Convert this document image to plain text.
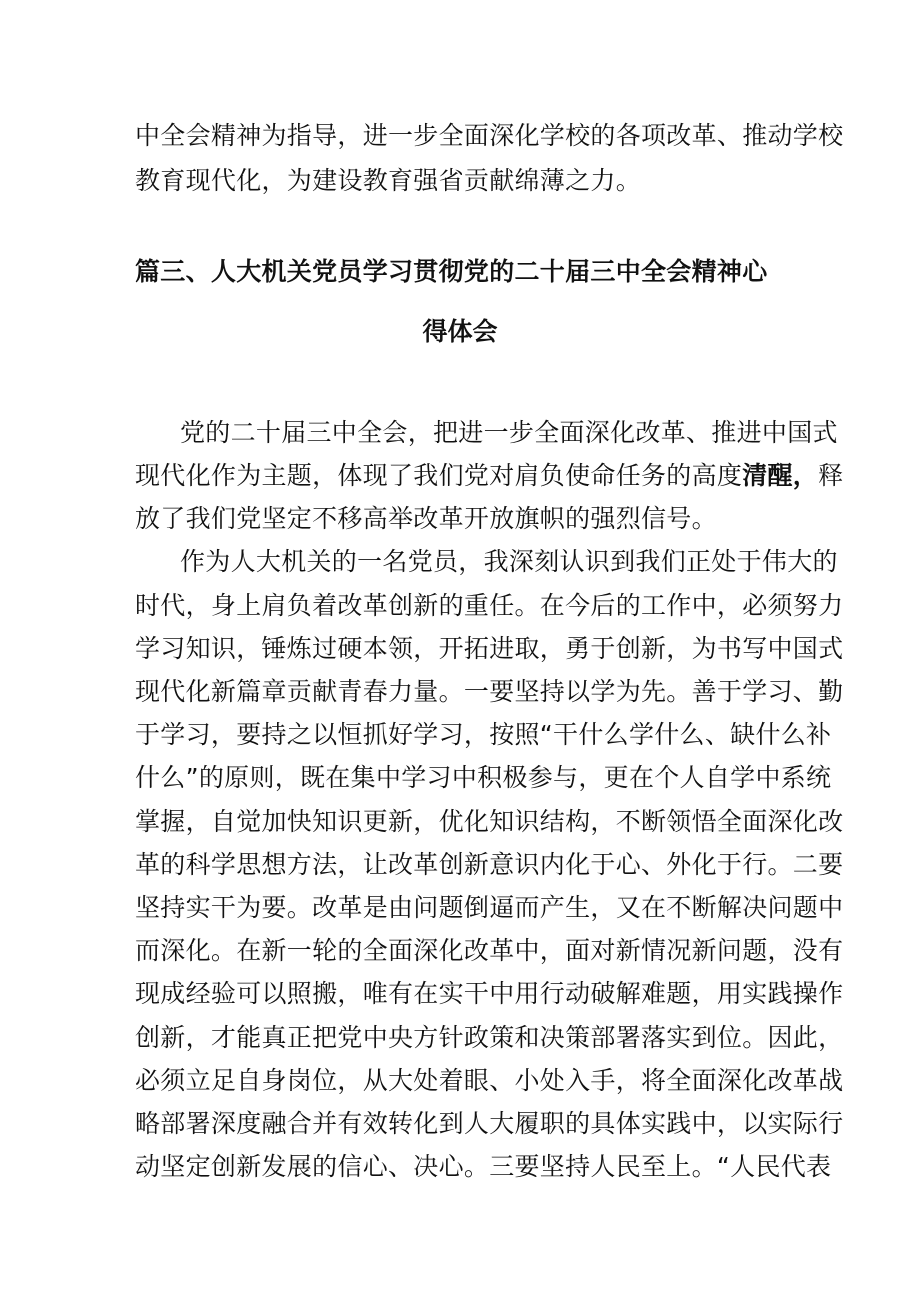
中全会精神为指导，进一步全面深化学校的各项改革、推动学校
教育现代化，为建设教育强省贡献绵薄之力。
篇三、人大机关党员学习贯彻党的二十届三中全会精神心
得体会
党的二十届三中全会，把进一步全面深化改革、推进中国式
现代化作为主题，体现了我们党对肩负使命任务的高度清醒，释
放了我们党坚定不移高举改革开放旗帜的强烈信号。
作为人大机关的一名党员，我深刻认识到我们正处于伟大的
时代，身上肩负着改革创新的重任。在今后的工作中，必须努力
学习知识，锤炼过硬本领，开拓进取，勇于创新，为书写中国式
现代化新篇章贡献青春力量。一要坚持以学为先。善于学习、勤
于学习，要持之以恒抓好学习，按照“干什么学什么、缺什么补
什么”的原则，既在集中学习中积极参与，更在个人自学中系统
掌握，自觉加快知识更新，优化知识结构，不断领悟全面深化改
革的科学思想方法，让改革创新意识内化于心、外化于行。二要
坚持实干为要。改革是由问题倒逼而产生，又在不断解决问题中
而深化。在新一轮的全面深化改革中，面对新情况新问题，没有
现成经验可以照搬，唯有在实干中用行动破解难题，用实践操作
创新，才能真正把党中央方针政策和决策部署落实到位。因此，
必须立足自身岗位，从大处着眼、小处入手，将全面深化改革战
略部署深度融合并有效转化到人大履职的具体实践中，以实际行
动坚定创新发展的信心、决心。三要坚持人民至上。“人民代表
